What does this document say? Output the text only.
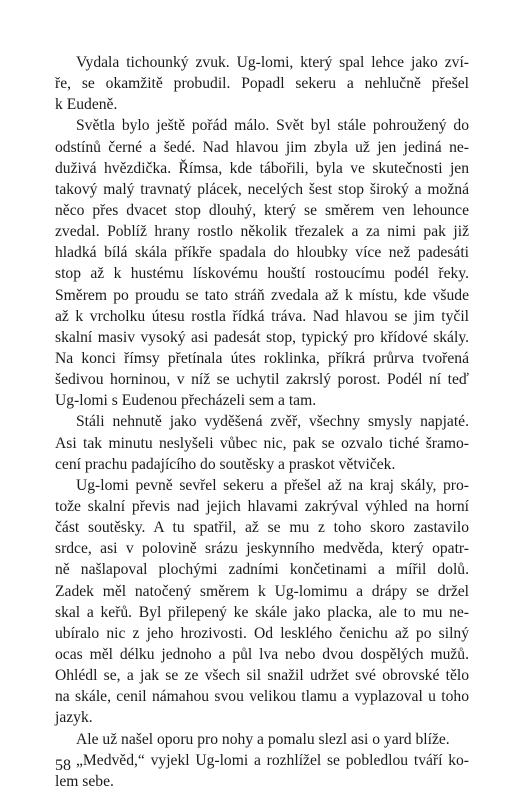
Vydala tichounký zvuk. Ug-lomi, který spal lehce jako zví-
ře, se okamžitě probudil. Popadl sekeru a nehlučně přešel
k Eudeně.
Světla bylo ještě pořád málo. Svět byl stále pohroužený do
odstínů černé a šedé. Nad hlavou jim zbyla už jen jediná ne-
duživá hvězdička. Římsa, kde tábořili, byla ve skutečnosti jen
takový malý travnatý plácek, necelých šest stop široký a možná
něco přes dvacet stop dlouhý, který se směrem ven lehounce
zvedal. Poblíž hrany rostlo několik třezalek a za nimi pak již
hladká bílá skála příkře spadala do hloubky více než padesáti
stop až k hustému lískovému houští rostoucímu podél řeky.
Směrem po proudu se tato stráň zvedala až k místu, kde všude
až k vrcholku útesu rostla řídká tráva. Nad hlavou se jim tyčil
skalní masiv vysoký asi padesát stop, typický pro křídové skály.
Na konci římsy přetínala útes roklinka, příkrá průrva tvořená
šedivou horninou, v níž se uchytil zakrslý porost. Podél ní teď
Ug-lomi s Eudenou přecházeli sem a tam.
Stáli nehnutě jako vyděšená zvěř, všechny smysly napjaté.
Asi tak minutu neslyšeli vůbec nic, pak se ozvalo tiché šramo-
cení prachu padajícího do soutěsky a praskot větviček.
Ug-lomi pevně sevřel sekeru a přešel až na kraj skály, pro-
tože skalní převis nad jejich hlavami zakrýval výhled na horní
část soutěsky. A tu spatřil, až se mu z toho skoro zastavilo
srdce, asi v polovině srázu jeskynního medvěda, který opatr-
ně našlapoval plochými zadními končetinami a mířil dolů.
Zadek měl natočený směrem k Ug-lomimu a drápy se držel
skal a keřů. Byl přilepený ke skále jako placka, ale to mu ne-
ubíralo nic z jeho hrozivosti. Od lesklého čenichu až po silný
ocas měl délku jednoho a půl lva nebo dvou dospělých mužů.
Ohlédl se, a jak se ze všech sil snažil udržet své obrovské tělo
na skále, cenil námahou svou velikou tlamu a vyplazoval u toho
jazyk.
Ale už našel oporu pro nohy a pomalu slezl asi o yard blíže.
„Medvěd,“ vyjekl Ug-lomi a rozhlížel se pobledlou tváří ko-
lem sebe.
58
